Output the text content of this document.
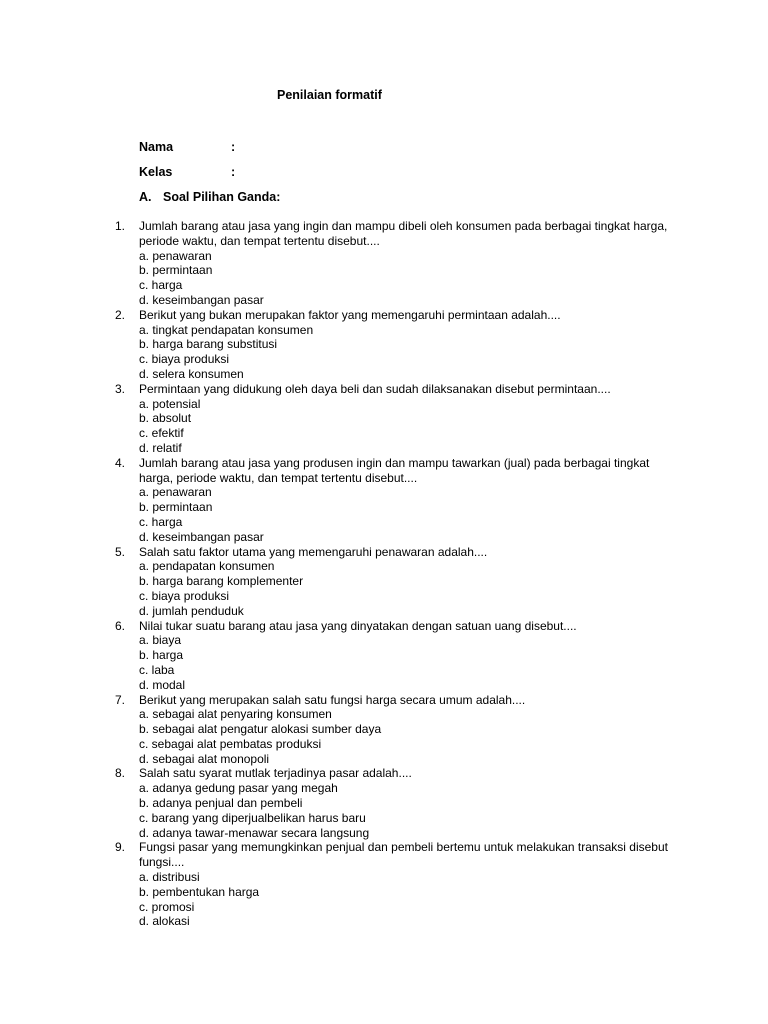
Penilaian formatif
Nama	:
Kelas	:
A. Soal Pilihan Ganda:
1. Jumlah barang atau jasa yang ingin dan mampu dibeli oleh konsumen pada berbagai tingkat harga, periode waktu, dan tempat tertentu disebut....
a. penawaran
b. permintaan
c. harga
d. keseimbangan pasar
2. Berikut yang bukan merupakan faktor yang memengaruhi permintaan adalah....
a. tingkat pendapatan konsumen
b. harga barang substitusi
c. biaya produksi
d. selera konsumen
3. Permintaan yang didukung oleh daya beli dan sudah dilaksanakan disebut permintaan....
a. potensial
b. absolut
c. efektif
d. relatif
4. Jumlah barang atau jasa yang produsen ingin dan mampu tawarkan (jual) pada berbagai tingkat harga, periode waktu, dan tempat tertentu disebut....
a. penawaran
b. permintaan
c. harga
d. keseimbangan pasar
5. Salah satu faktor utama yang memengaruhi penawaran adalah....
a. pendapatan konsumen
b. harga barang komplementer
c. biaya produksi
d. jumlah penduduk
6. Nilai tukar suatu barang atau jasa yang dinyatakan dengan satuan uang disebut....
a. biaya
b. harga
c. laba
d. modal
7. Berikut yang merupakan salah satu fungsi harga secara umum adalah....
a. sebagai alat penyaring konsumen
b. sebagai alat pengatur alokasi sumber daya
c. sebagai alat pembatas produksi
d. sebagai alat monopoli
8. Salah satu syarat mutlak terjadinya pasar adalah....
a. adanya gedung pasar yang megah
b. adanya penjual dan pembeli
c. barang yang diperjualbelikan harus baru
d. adanya tawar-menawar secara langsung
9. Fungsi pasar yang memungkinkan penjual dan pembeli bertemu untuk melakukan transaksi disebut fungsi....
a. distribusi
b. pembentukan harga
c. promosi
d. alokasi
